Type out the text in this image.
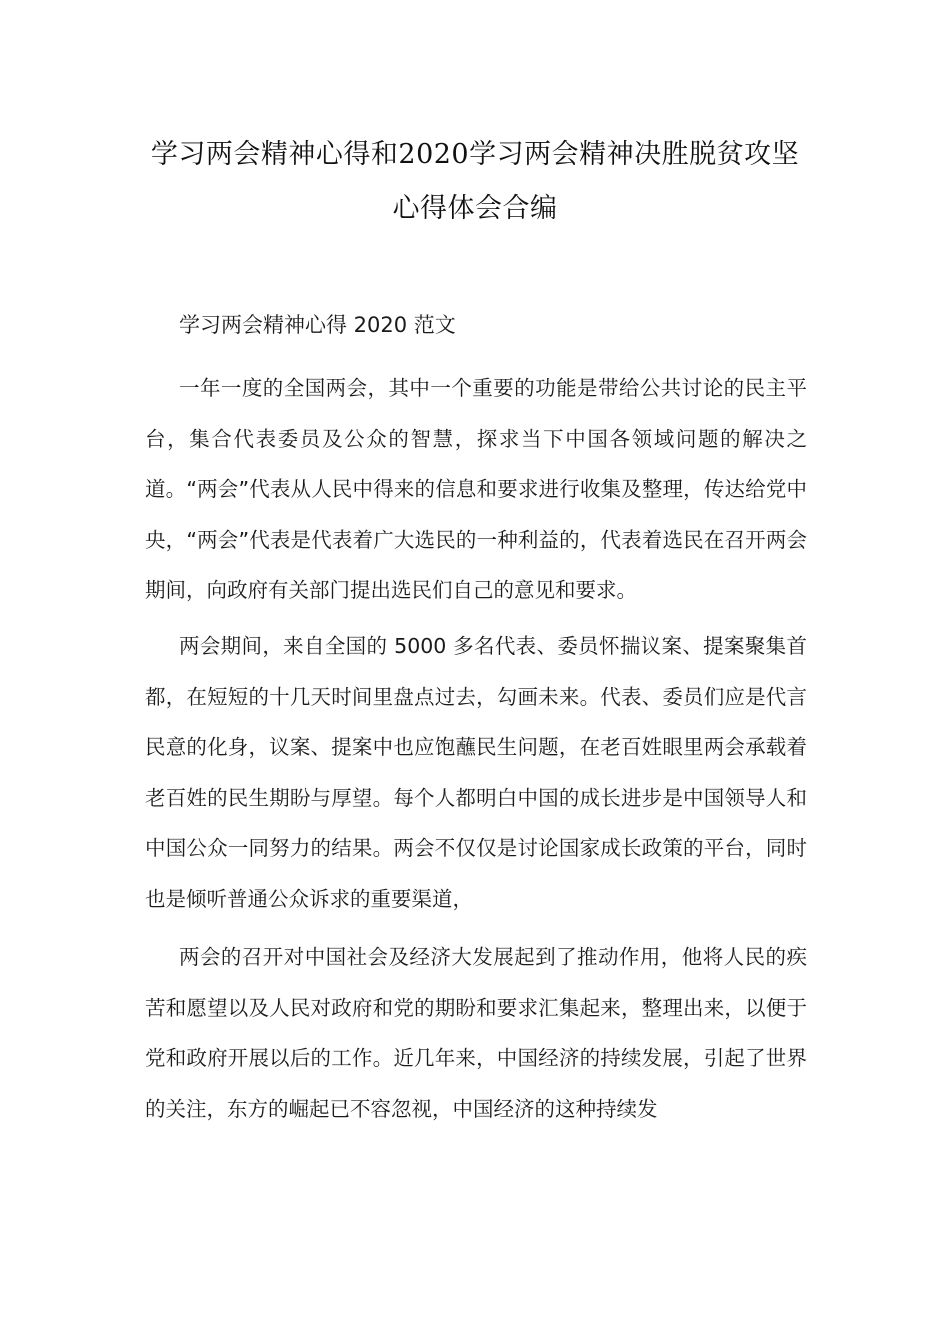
学习两会精神心得和2020学习两会精神决胜脱贫攻坚
心得体会合编
学习两会精神心得 2020 范文

一年一度的全国两会，其中一个重要的功能是带给公共讨论的民主平台，集合代表委员及公众的智慧，探求当下中国各领域问题的解决之道。“两会”代表从人民中得来的信息和要求进行收集及整理，传达给党中央，“两会”代表是代表着广大选民的一种利益的，代表着选民在召开两会期间，向政府有关部门提出选民们自己的意见和要求。

两会期间，来自全国的 5000 多名代表、委员怀揣议案、提案聚集首都，在短短的十几天时间里盘点过去，勾画未来。代表、委员们应是代言民意的化身，议案、提案中也应饱蘸民生问题，在老百姓眼里两会承载着老百姓的民生期盼与厚望。每个人都明白中国的成长进步是中国领导人和中国公众一同努力的结果。两会不仅仅是讨论国家成长政策的平台，同时也是倾听普通公众诉求的重要渠道，

两会的召开对中国社会及经济大发展起到了推动作用，他将人民的疾苦和愿望以及人民对政府和党的期盼和要求汇集起来，整理出来，以便于党和政府开展以后的工作。近几年来，中国经济的持续发展，引起了世界的关注，东方的崛起已不容忽视，中国经济的这种持续发
